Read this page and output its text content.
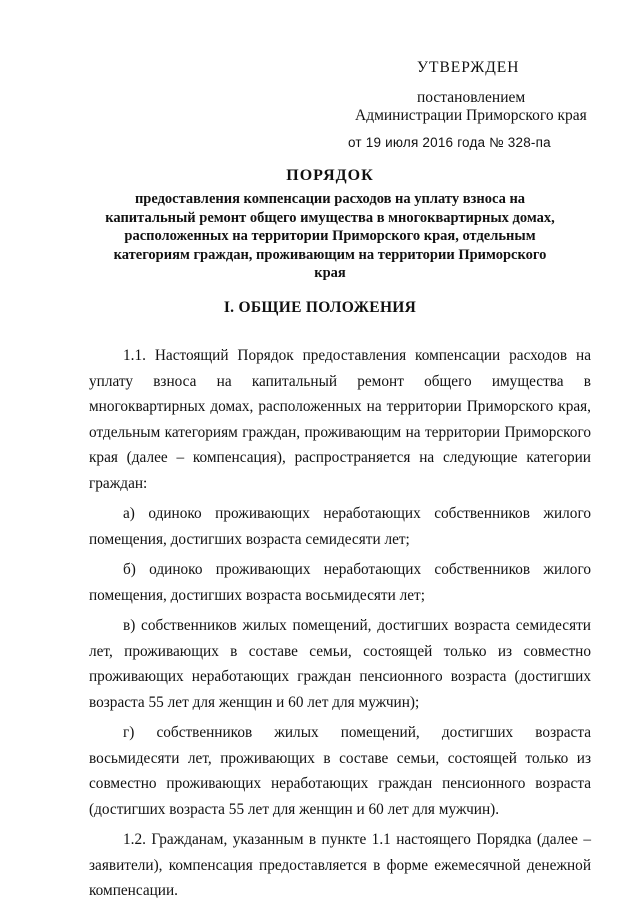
УТВЕРЖДЕН
постановлением
Администрации Приморского края
от 19 июля 2016 года № 328-па
ПОРЯДОК
предоставления компенсации расходов на уплату взноса на капитальный ремонт общего имущества в многоквартирных домах, расположенных на территории Приморского края, отдельным категориям граждан, проживающим на территории Приморского края
I. ОБЩИЕ ПОЛОЖЕНИЯ

1.1. Настоящий Порядок предоставления компенсации расходов на уплату взноса на капитальный ремонт общего имущества в многоквартирных домах, расположенных на территории Приморского края, отдельным категориям граждан, проживающим на территории Приморского края (далее – компенсация), распространяется на следующие категории граждан:

а) одиноко проживающих неработающих собственников жилого помещения, достигших возраста семидесяти лет;

б) одиноко проживающих неработающих собственников жилого помещения, достигших возраста восьмидесяти лет;

в) собственников жилых помещений, достигших возраста семидесяти лет, проживающих в составе семьи, состоящей только из совместно проживающих неработающих граждан пенсионного возраста (достигших возраста 55 лет для женщин и 60 лет для мужчин);

г) собственников жилых помещений, достигших возраста восьмидесяти лет, проживающих в составе семьи, состоящей только из совместно проживающих неработающих граждан пенсионного возраста (достигших возраста 55 лет для женщин и 60 лет для мужчин).

1.2. Гражданам, указанным в пункте 1.1 настоящего Порядка (далее – заявители), компенсация предоставляется в форме ежемесячной денежной компенсации.
